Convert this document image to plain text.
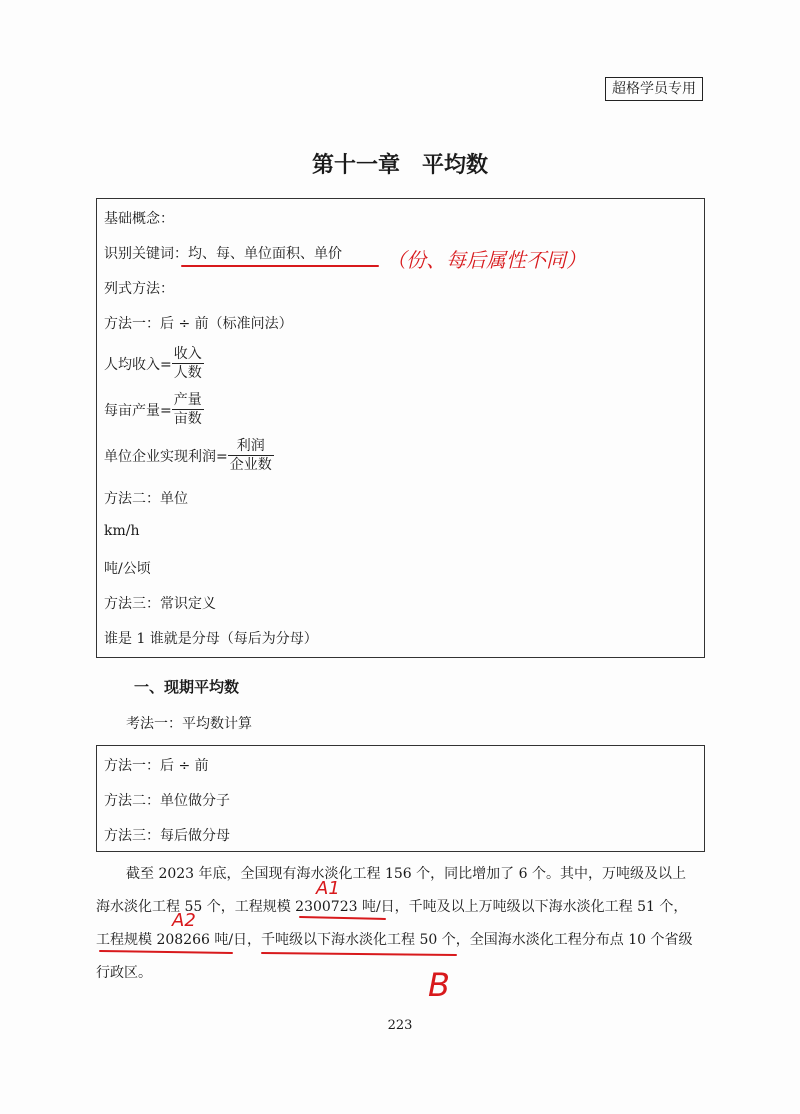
超格学员专用
第十一章　平均数
基础概念：
识别关键词：均、每、单位面积、单价
列式方法：
方法一：后 ÷ 前（标准问法）
人均收入= $\frac{\text{收入}}{\text{人数}}$
每亩产量= $\frac{\text{产量}}{\text{亩数}}$
单位企业实现利润= $\frac{\text{利润}}{\text{企业数}}$
方法二：单位
km/h
吨/公顷
方法三：常识定义
谁是 1 谁就是分母（每后为分母）
一、现期平均数
考法一：平均数计算
方法一：后 ÷ 前
方法二：单位做分子
方法三：每后做分母
截至 2023 年底，全国现有海水淡化工程 156 个，同比增加了 6 个。其中，万吨级及以上
海水淡化工程 55 个，工程规模 2300723 吨/日，千吨及以上万吨级以下海水淡化工程 51 个，
工程规模 208266 吨/日，千吨级以下海水淡化工程 50 个，全国海水淡化工程分布点 10 个省级
行政区。
223
（份、每后属性不同）
A1
A2
B
